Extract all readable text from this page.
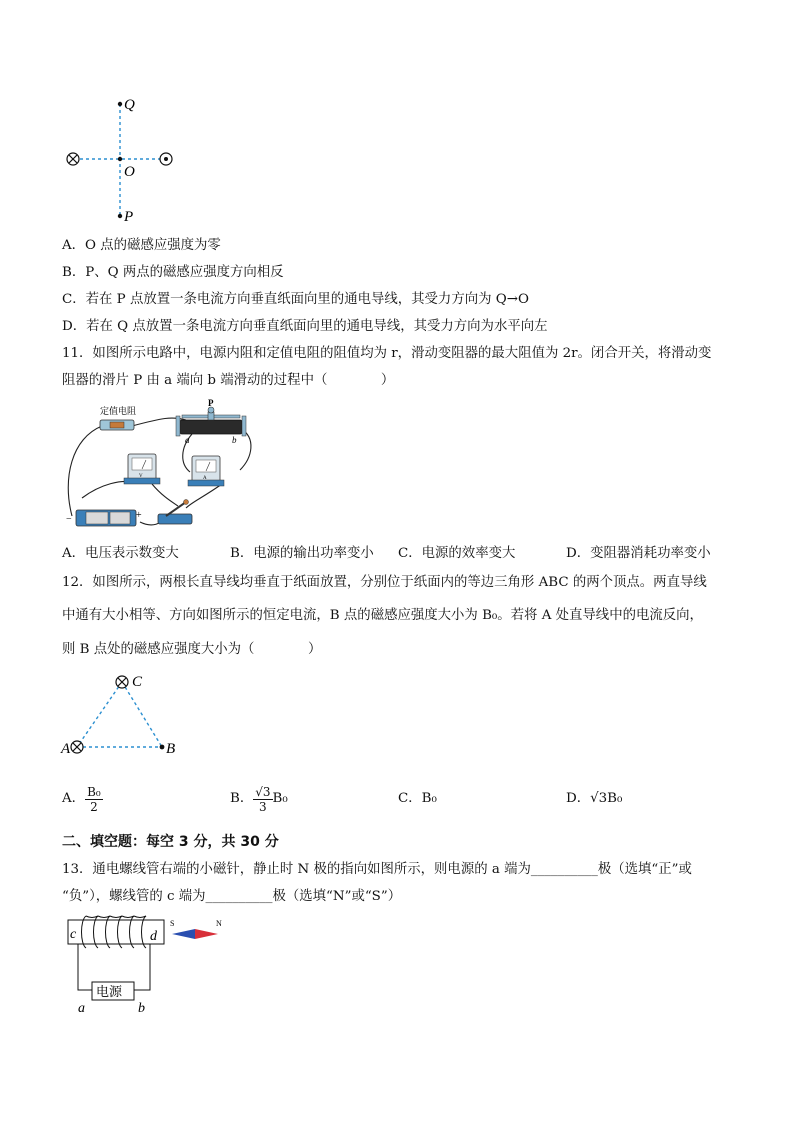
Q
O
P
A．O 点的磁感应强度为零
B．P、Q 两点的磁感应强度方向相反
C．若在 P 点放置一条电流方向垂直纸面向里的通电导线，其受力方向为 Q→O
D．若在 Q 点放置一条电流方向垂直纸面向里的通电导线，其受力方向为水平向左
11．如图所示电路中，电源内阻和定值电阻的阻值均为 r，滑动变阻器的最大阻值为 2r。闭合开关，将滑动变
阻器的滑片 P 由 a 端向 b 端滑动的过程中（　　　　）
定值电阻
P
a	b
V	A
−	+
A．电压表示数变大	B．电源的输出功率变小 C．电源的效率变大	D．变阻器消耗功率变小
12．如图所示，两根长直导线均垂直于纸面放置，分别位于纸面内的等边三角形 ABC 的两个顶点。两直导线
中通有大小相等、方向如图所示的恒定电流，B 点的磁感应强度大小为 B₀。若将 A 处直导线中的电流反向，
则 B 点处的磁感应强度大小为（　　　　）
C
A	B
A． $\frac{\text{B₀}}{2}$	B． $\frac{√3}{3} B_0$	C．B₀	D．√3B₀
二、填空题：每空 3 分，共 30 分
13．通电螺线管右端的小磁针，静止时 N 极的指向如图所示，则电源的 a 端为__________极（选填“正”或
“负”），螺线管的 c 端为__________极（选填“N”或“S”）
电源
c	d
a	b
S	N
